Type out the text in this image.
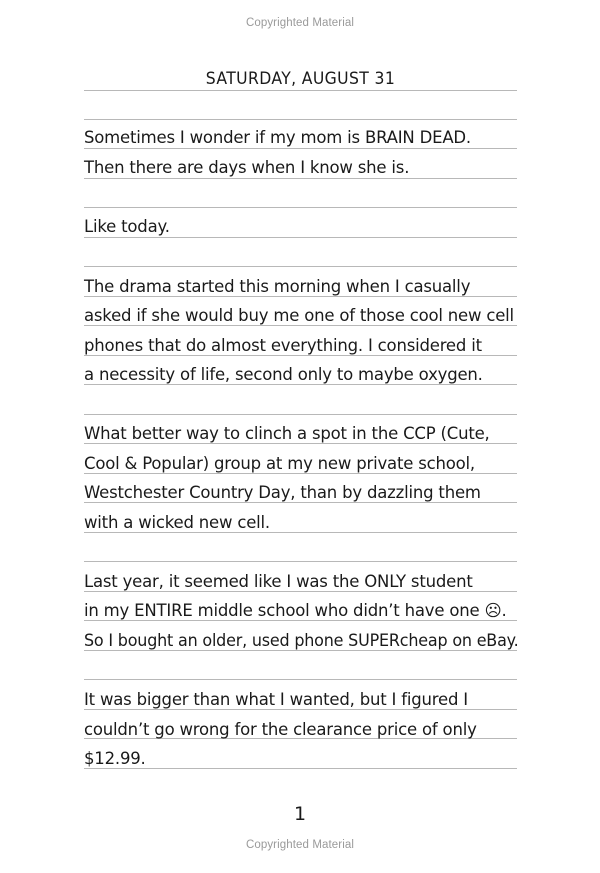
Copyrighted Material
SATURDAY, AUGUST 31
Sometimes I wonder if my mom is BRAIN DEAD.
Then there are days when I know she is.
Like today.
The drama started this morning when I casually
asked if she would buy me one of those cool new cell
phones that do almost everything. I considered it
a necessity of life, second only to maybe oxygen.
What better way to clinch a spot in the CCP (Cute,
Cool & Popular) group at my new private school,
Westchester Country Day, than by dazzling them
with a wicked new cell.
Last year, it seemed like I was the ONLY student
in my ENTIRE middle school who didn’t have one ☹.
So I bought an older, used phone SUPERcheap on eBay.
It was bigger than what I wanted, but I figured I
couldn’t go wrong for the clearance price of only
$12.99.
1
Copyrighted Material
